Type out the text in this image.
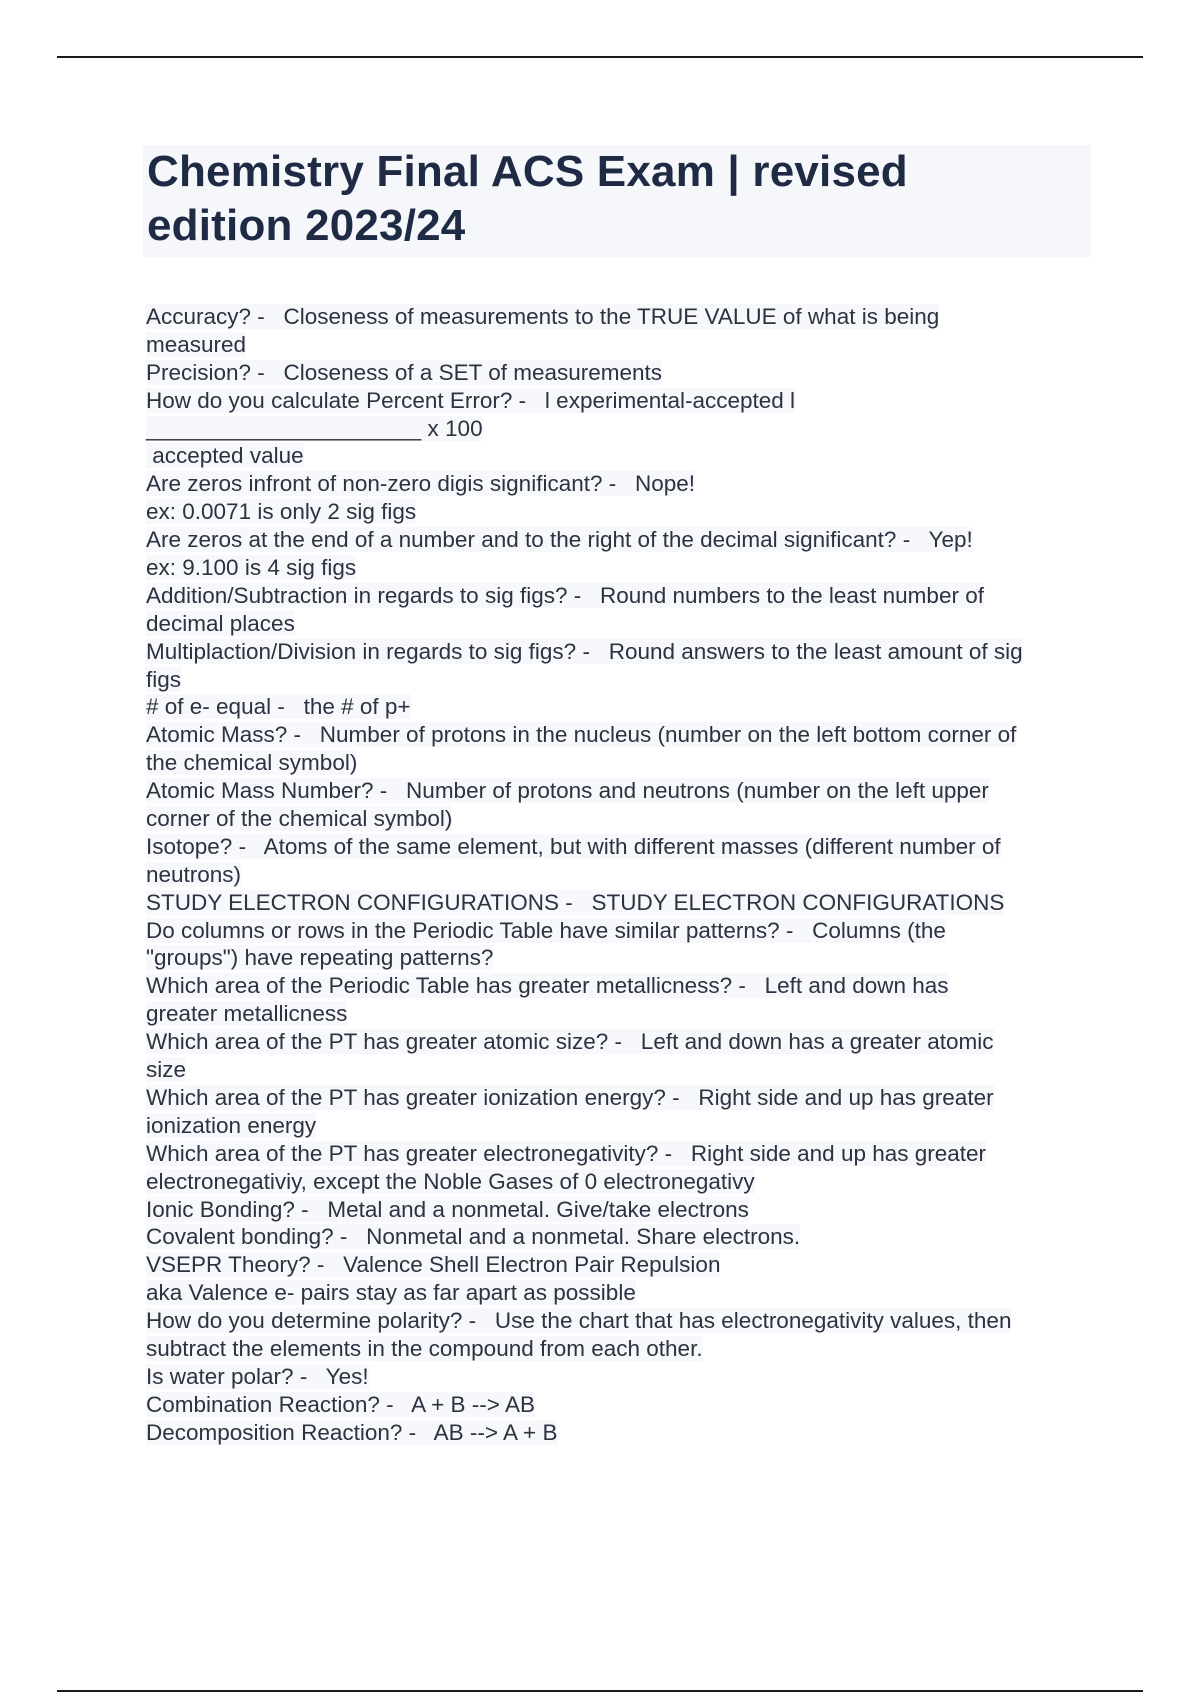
Chemistry Final ACS Exam | revised
edition 2023/24
Accuracy? -   Closeness of measurements to the TRUE VALUE of what is being
measured
Precision? -   Closeness of a SET of measurements
How do you calculate Percent Error? -   l experimental-accepted l
______________________ x 100
accepted value
Are zeros infront of non-zero digis significant? -   Nope!
ex: 0.0071 is only 2 sig figs
Are zeros at the end of a number and to the right of the decimal significant? -   Yep!
ex: 9.100 is 4 sig figs
Addition/Subtraction in regards to sig figs? -   Round numbers to the least number of
decimal places
Multiplaction/Division in regards to sig figs? -   Round answers to the least amount of sig
figs
# of e- equal -   the # of p+
Atomic Mass? -   Number of protons in the nucleus (number on the left bottom corner of
the chemical symbol)
Atomic Mass Number? -   Number of protons and neutrons (number on the left upper
corner of the chemical symbol)
Isotope? -   Atoms of the same element, but with different masses (different number of
neutrons)
STUDY ELECTRON CONFIGURATIONS -   STUDY ELECTRON CONFIGURATIONS
Do columns or rows in the Periodic Table have similar patterns? -   Columns (the
"groups") have repeating patterns?
Which area of the Periodic Table has greater metallicness? -   Left and down has
greater metallicness
Which area of the PT has greater atomic size? -   Left and down has a greater atomic
size
Which area of the PT has greater ionization energy? -   Right side and up has greater
ionization energy
Which area of the PT has greater electronegativity? -   Right side and up has greater
electronegativiy, except the Noble Gases of 0 electronegativy
Ionic Bonding? -   Metal and a nonmetal. Give/take electrons
Covalent bonding? -   Nonmetal and a nonmetal. Share electrons.
VSEPR Theory? -   Valence Shell Electron Pair Repulsion
aka Valence e- pairs stay as far apart as possible
How do you determine polarity? -   Use the chart that has electronegativity values, then
subtract the elements in the compound from each other.
Is water polar? -   Yes!
Combination Reaction? -   A + B --> AB
Decomposition Reaction? -   AB --> A + B
